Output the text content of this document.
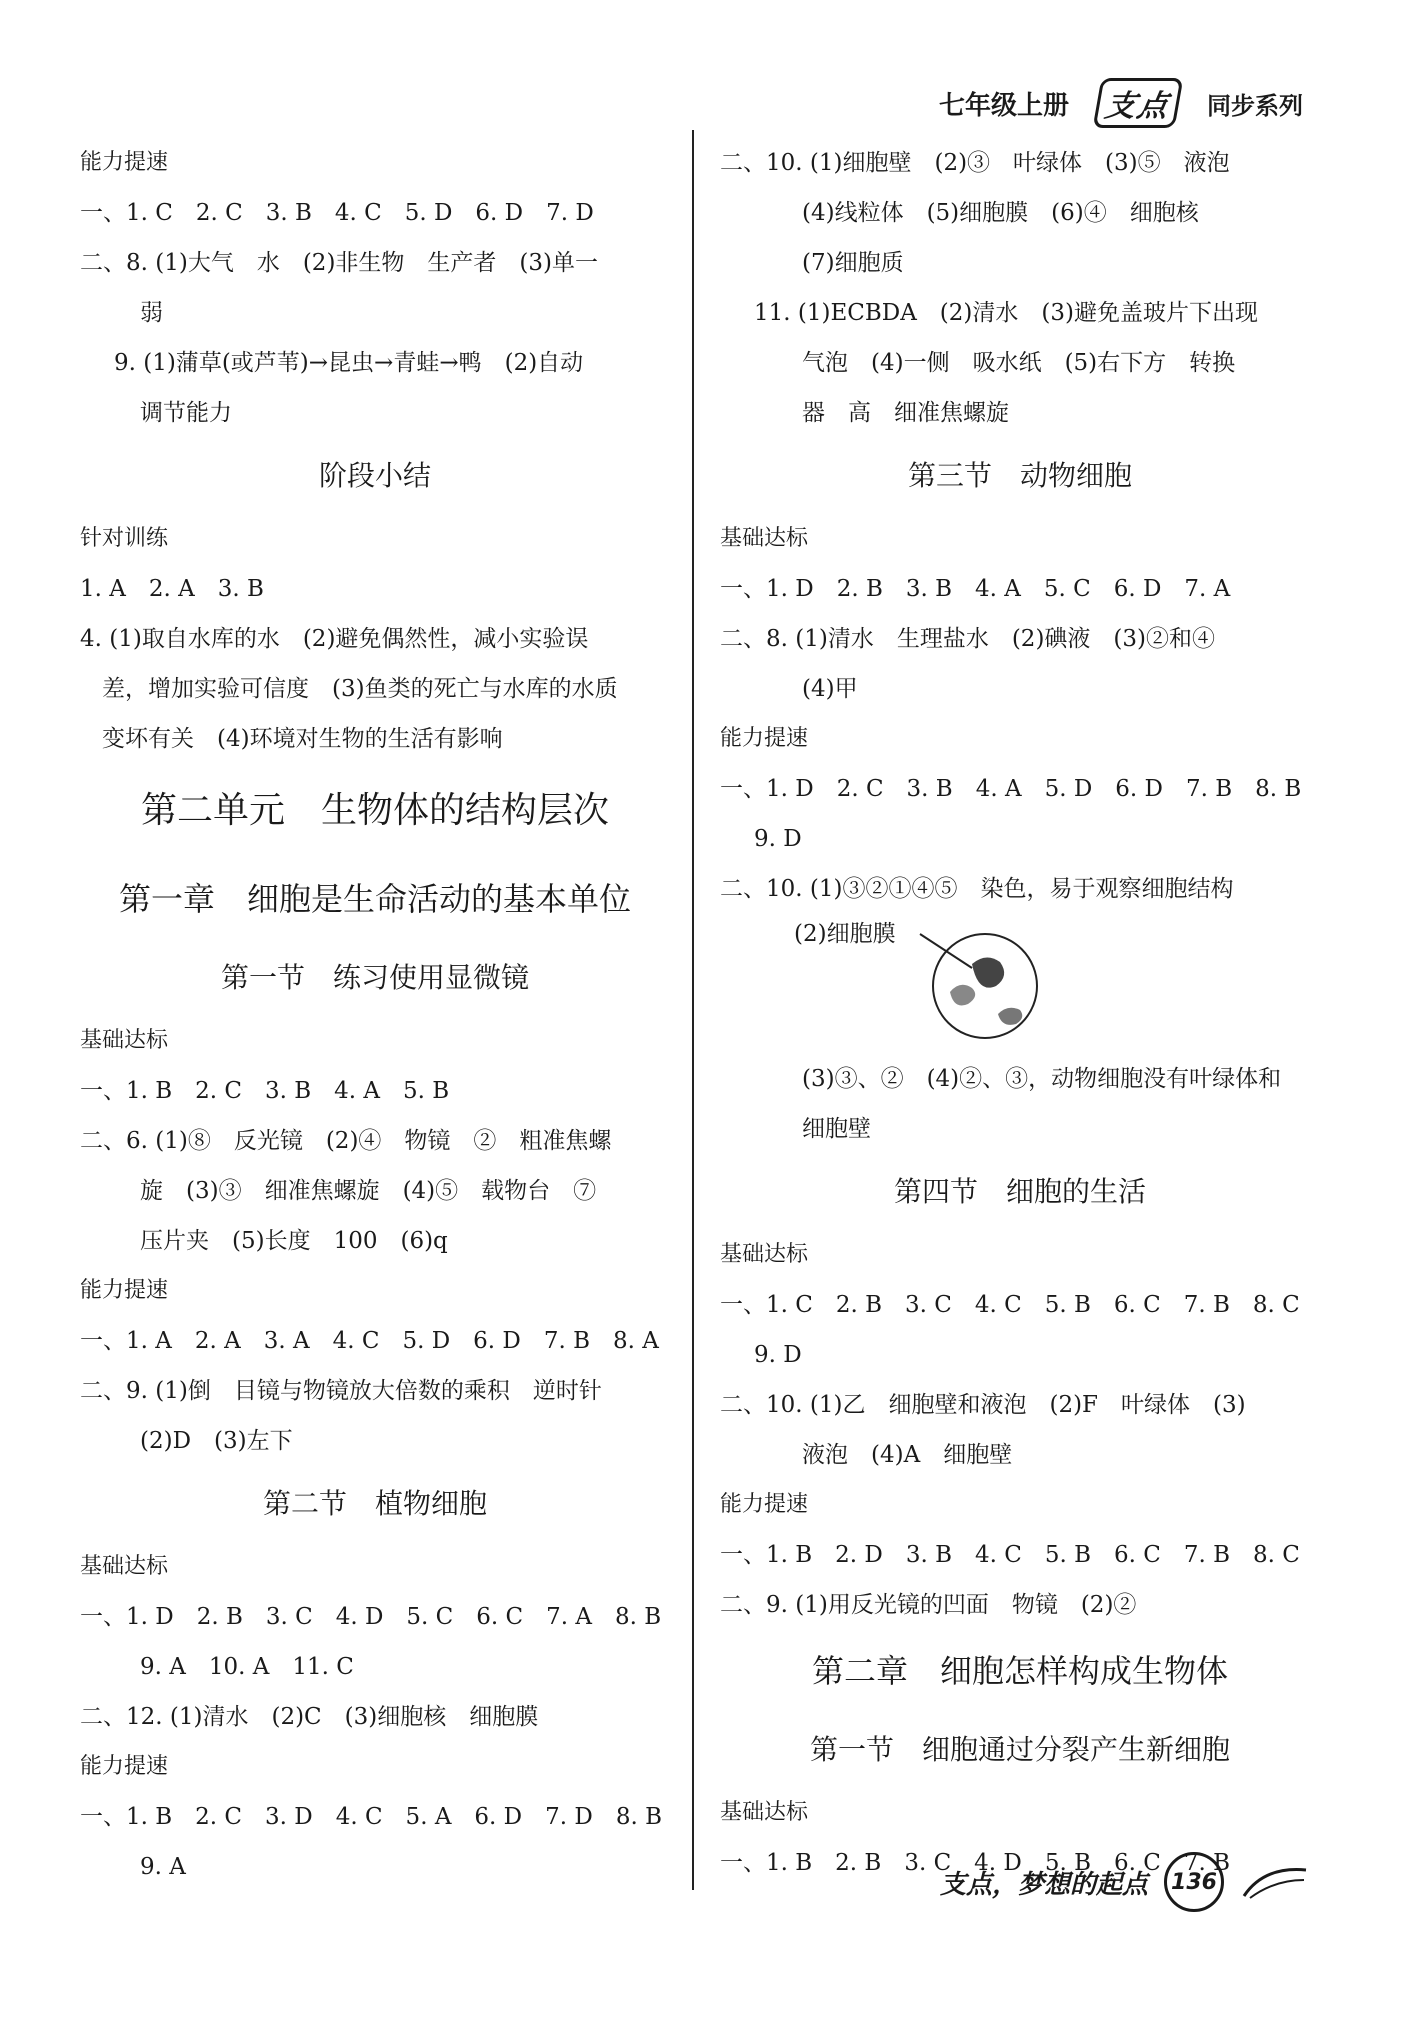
七年级上册	支点	同步系列
能力提速
一、1. C　2. C　3. B　4. C　5. D　6. D　7. D
二、8. (1)大气　水　(2)非生物　生产者　(3)单一
弱
9. (1)蒲草(或芦苇)→昆虫→青蛙→鸭　(2)自动
调节能力
阶段小结
针对训练
1. A　2. A　3. B
4. (1)取自水库的水　(2)避免偶然性，减小实验误
差，增加实验可信度　(3)鱼类的死亡与水库的水质
变坏有关　(4)环境对生物的生活有影响
第二单元　生物体的结构层次
第一章　细胞是生命活动的基本单位
第一节　练习使用显微镜
基础达标
一、1. B　2. C　3. B　4. A　5. B
二、6. (1)⑧　反光镜　(2)④　物镜　②　粗准焦螺
旋　(3)③　细准焦螺旋　(4)⑤　载物台　⑦
压片夹　(5)长度　100　(6)q
能力提速
一、1. A　2. A　3. A　4. C　5. D　6. D　7. B　8. A
二、9. (1)倒　目镜与物镜放大倍数的乘积　逆时针
(2)D　(3)左下
第二节　植物细胞
基础达标
一、1. D　2. B　3. C　4. D　5. C　6. C　7. A　8. B
9. A　10. A　11. C
二、12. (1)清水　(2)C　(3)细胞核　细胞膜
能力提速
一、1. B　2. C　3. D　4. C　5. A　6. D　7. D　8. B
9. A
二、10. (1)细胞壁　(2)③　叶绿体　(3)⑤　液泡
(4)线粒体　(5)细胞膜　(6)④　细胞核
(7)细胞质
11. (1)ECBDA　(2)清水　(3)避免盖玻片下出现
气泡　(4)一侧　吸水纸　(5)右下方　转换
器　高　细准焦螺旋
第三节　动物细胞
基础达标
一、1. D　2. B　3. B　4. A　5. C　6. D　7. A
二、8. (1)清水　生理盐水　(2)碘液　(3)②和④
(4)甲
能力提速
一、1. D　2. C　3. B　4. A　5. D　6. D　7. B　8. B
9. D
二、10. (1)③②①④⑤　染色，易于观察细胞结构
(2)细胞膜
(3)③、②　(4)②、③，动物细胞没有叶绿体和
细胞壁
第四节　细胞的生活
基础达标
一、1. C　2. B　3. C　4. C　5. B　6. C　7. B　8. C
9. D
二、10. (1)乙　细胞壁和液泡　(2)F　叶绿体　(3)
液泡　(4)A　细胞壁
能力提速
一、1. B　2. D　3. B　4. C　5. B　6. C　7. B　8. C
二、9. (1)用反光镜的凹面　物镜　(2)②
第二章　细胞怎样构成生物体
第一节　细胞通过分裂产生新细胞
基础达标
一、1. B　2. B　3. C　4. D　5. B　6. C　7. B
支点，梦想的起点	136
